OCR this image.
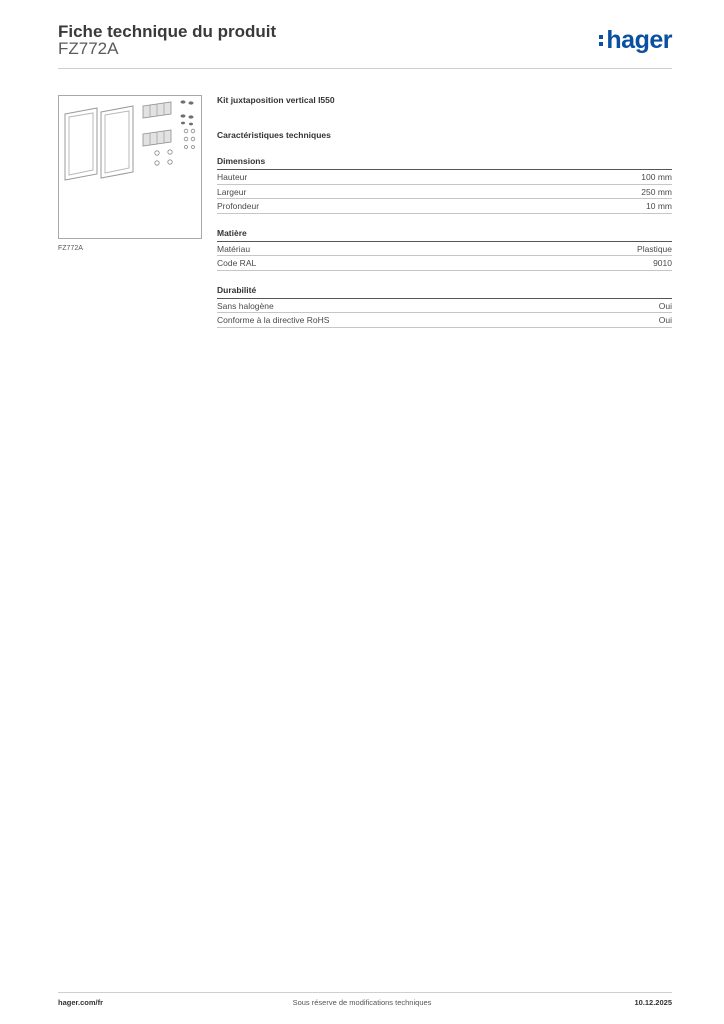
Fiche technique du produit
FZ772A	hager
FZ772A
Kit juxtaposition vertical I550
Caractéristiques techniques
Dimensions
Hauteur	100 mm
Largeur	250 mm
Profondeur	10 mm
Matière
Matériau	Plastique
Code RAL	9010
Durabilité
Sans halogène	Oui
Conforme à la directive RoHS	Oui
hager.com/fr	Sous réserve de modifications techniques	10.12.2025
